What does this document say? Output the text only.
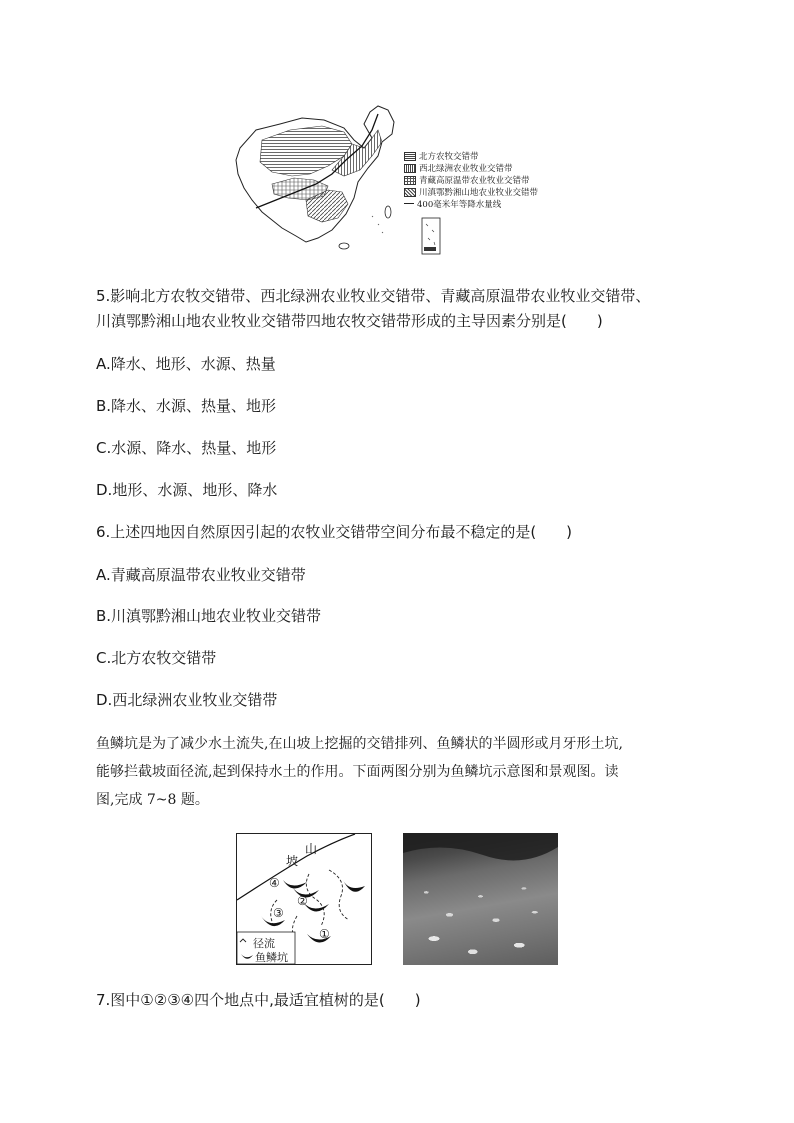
北方农牧交错带
西北绿洲农业牧业交错带
青藏高原温带农业牧业交错带
川滇鄂黔湘山地农业牧业交错带
400毫米年等降水量线
5.影响北方农牧交错带、西北绿洲农业牧业交错带、青藏高原温带农业牧业交错带、
川滇鄂黔湘山地农业牧业交错带四地农牧交错带形成的主导因素分别是(　　)
A.降水、地形、水源、热量
B.降水、水源、热量、地形
C.水源、降水、热量、地形
D.地形、水源、地形、降水
6.上述四地因自然原因引起的农牧业交错带空间分布最不稳定的是(　　)
A.青藏高原温带农业牧业交错带
B.川滇鄂黔湘山地农业牧业交错带
C.北方农牧交错带
D.西北绿洲农业牧业交错带
鱼鳞坑是为了减少水土流失,在山坡上挖掘的交错排列、鱼鳞状的半圆形或月牙形土坑,
能够拦截坡面径流,起到保持水土的作用。下面两图分别为鱼鳞坑示意图和景观图。读
图,完成 7~8 题。
坡
山
①
②
③
④
径流
鱼鳞坑
7.图中①②③④四个地点中,最适宜植树的是(　　)
